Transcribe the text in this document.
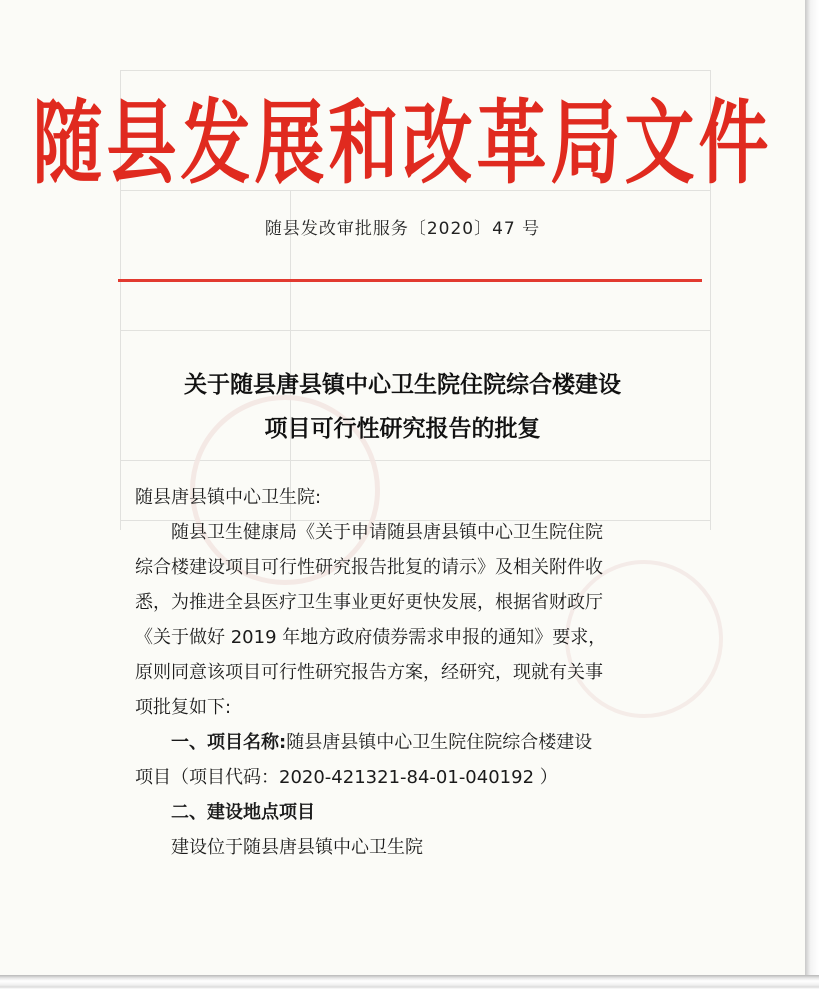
随县发展和改革局文件
随县发改审批服务〔2020〕47 号
关于随县唐县镇中心卫生院住院综合楼建设
项目可行性研究报告的批复

随县唐县镇中心卫生院:

随县卫生健康局《关于申请随县唐县镇中心卫生院住院
综合楼建设项目可行性研究报告批复的请示》及相关附件收
悉，为推进全县医疗卫生事业更好更快发展，根据省财政厅
《关于做好 2019 年地方政府债券需求申报的通知》要求，
原则同意该项目可行性研究报告方案，经研究，现就有关事
项批复如下:
一、项目名称:随县唐县镇中心卫生院住院综合楼建设
项目（项目代码：2020-421321-84-01-040192 ）
二、建设地点项目
建设位于随县唐县镇中心卫生院
